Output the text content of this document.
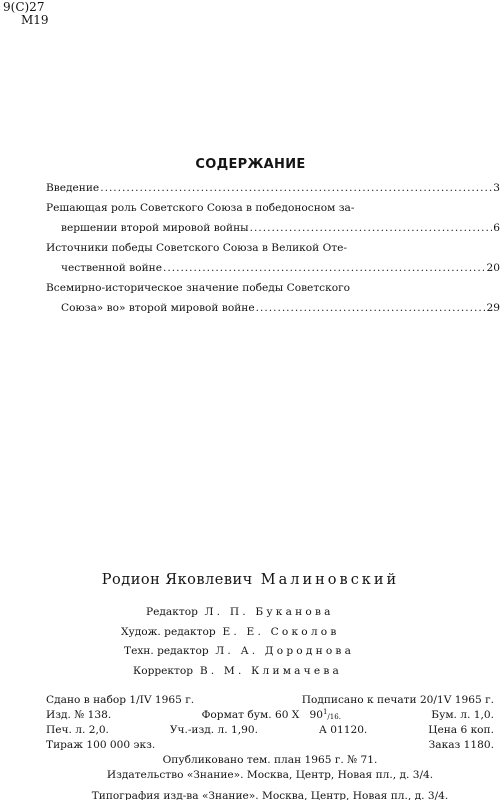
9(C)27
M19
СОДЕРЖАНИЕ
Введение .....	3
Решающая роль Советского Союза в победоносном за-
вершении второй мировой войны .....	6
Источники победы Советского Союза в Великой Оте-
чественной войне .....	20
Всемирно-историческое значение победы Советского
Союза» во» второй мировой войне .....	29
Родион Яковлевич Малиновский
Редактор Л. П. Буканова
Худож. редактор Е. Е. Соколов
Техн. редактор Л. А. Дороднова
Корректор В. М. Климачева
Сдано в набор 1/IV 1965 г.	Подписано к печати 20/1V 1965 г.
Изд. № 138.	Формат бум. 60 X $90^1_{/16.}$	Бум. л. 1,0.
Печ. л. 2,0.	Уч.-изд. л. 1,90.	А 01120.	Цена 6 коп.
Тираж 100 000 экз.	Заказ 1180.
Опубликовано тем. план 1965 г. № 71.
Издательство «Знание». Москва, Центр, Новая пл., д. 3/4.
Типография изд-ва «Знание». Москва, Центр, Новая пл., д. 3/4.
